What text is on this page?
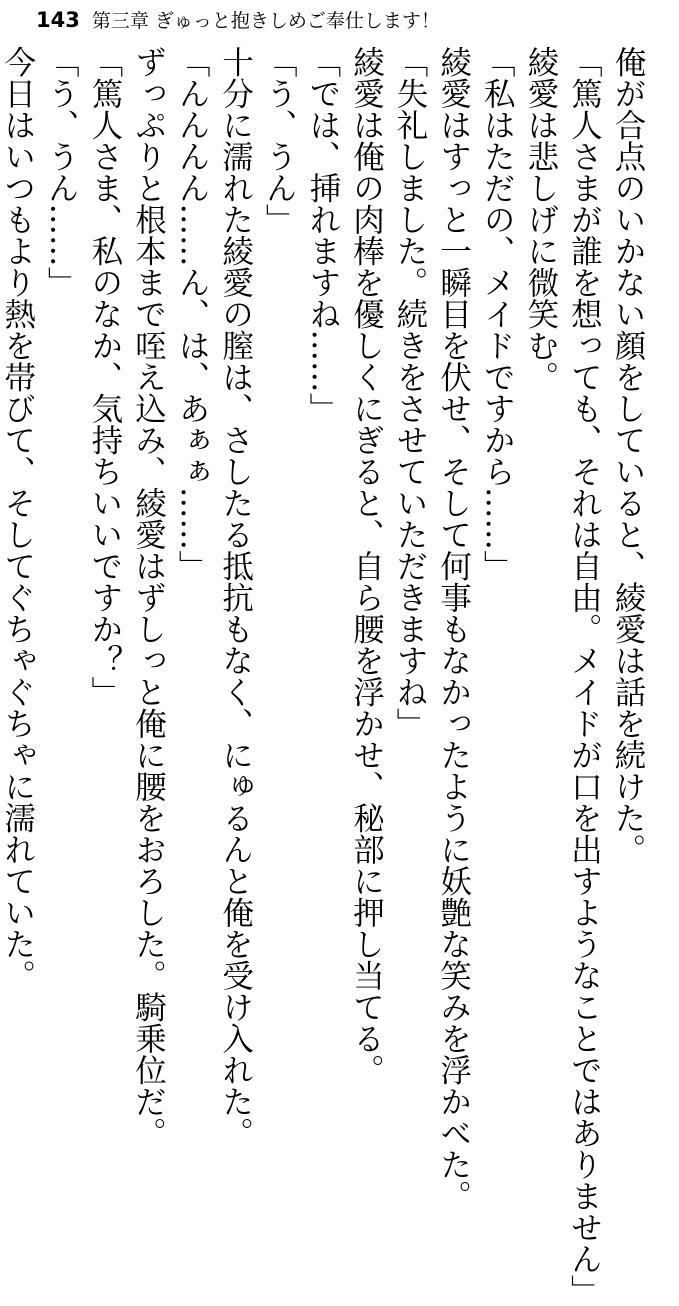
143 第三章 ぎゅっと抱きしめご奉仕します！
俺が合点のいかない顔をしていると、綾愛は話を続けた。
「篤人さまが誰を想っても、それは自由。メイドが口を出すようなことではありません」
綾愛は悲しげに微笑む。
「私はただの、メイドですから……」
綾愛はすっと一瞬目を伏せ、そして何事もなかったように妖艶な笑みを浮かべた。
「失礼しました。続きをさせていただきますね」
綾愛は俺の肉棒を優しくにぎると、自ら腰を浮かせ、秘部に押し当てる。
「では、挿れますね……」
「う、うん」
十分に濡れた綾愛の膣は、さしたる抵抗もなく、にゅるんと俺を受け入れた。
「んんんん……ん、は、あぁぁ……」
ずっぷりと根本まで咥え込み、綾愛はずしっと俺に腰をおろした。騎乗位だ。
「篤人さま、私のなか、気持ちいいですか？」
「う、うん……」
今日はいつもより熱を帯びて、そしてぐちゃぐちゃに濡れていた。
